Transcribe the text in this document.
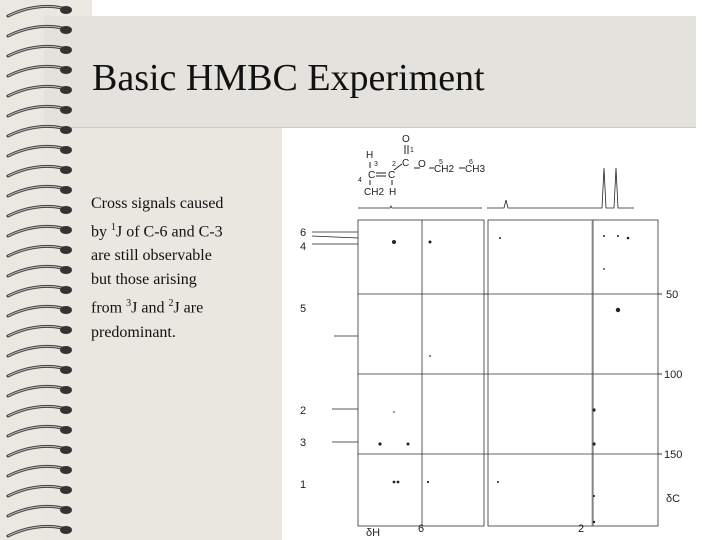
Basic HMBC Experiment

Cross signals caused

by $^1$J of C-6 and C-3

are still observable

but those arising

from $^3$J and $^2$J are

predominant.

O
1
H
3 2 C O 5	6
CH2 CH3
4 C C
CH2 H
6
4
5
2
3
1
50
100
150
δC
δH	6	2
